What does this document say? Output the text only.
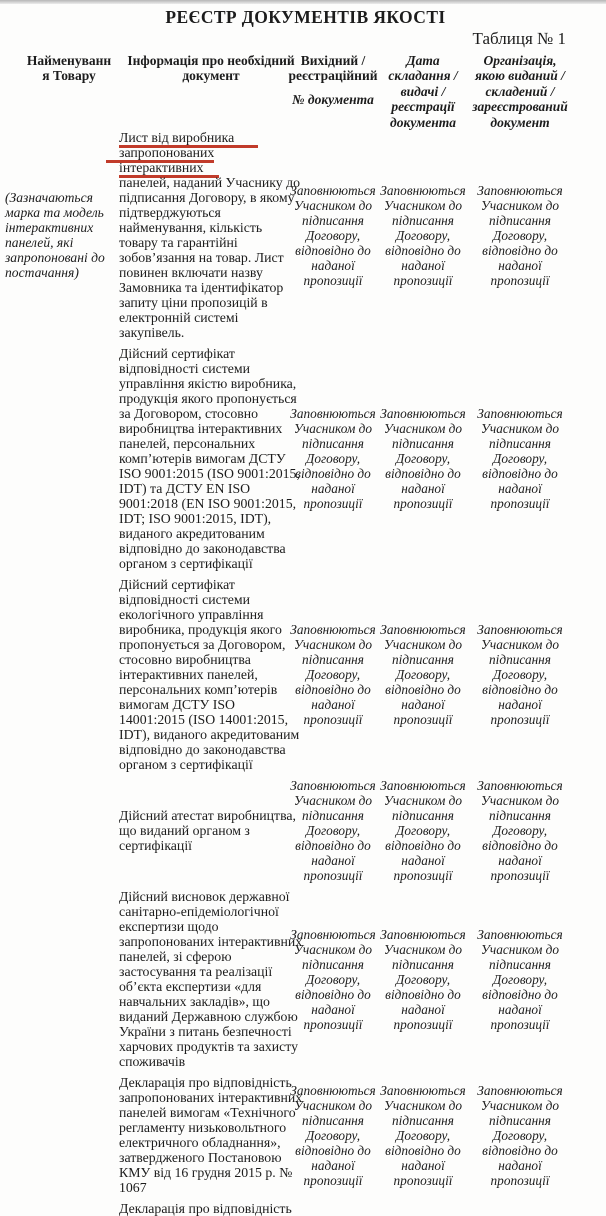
РЕЄСТР ДОКУМЕНТІВ ЯКОСТІ
Таблиця № 1
Найменуванн
я Товару
Інформація про необхідний
документ
Вихідний /
реєстраційний
№ документа
Дата
складання /
видачі /
реєстрації
документа
Організація,
якою виданий /
складений /
зареєстрований
документ
(Зазначаються марка та модель інтерактивних панелей, які запропоновані до постачання)
Лист від виробника
запропонованих інтерактивних
панелей, наданий Учаснику до підписання Договору, в якому підтверджуються найменування, кількість товару та гарантійні зобов’язання на товар. Лист повинен включати назву Замовника та ідентифікатор запиту ціни пропозицій в електронній системі закупівель.
Заповнюються Учасником до підписання Договору, відповідно до наданої пропозиції
Заповнюються Учасником до підписання Договору, відповідно до наданої пропозиції
Заповнюються Учасником до підписання Договору, відповідно до наданої пропозиції
Дійсний сертифікат відповідності системи управління якістю виробника, продукція якого пропонується за Договором, стосовно виробництва інтерактивних панелей, персональних комп’ютерів вимогам ДСТУ ISO 9001:2015 (ISO 9001:2015, IDT) та ДСТУ EN ISO 9001:2018 (EN ISO 9001:2015, IDT; ISO 9001:2015, IDT), виданого акредитованим відповідно до законодавства органом з сертифікації
Заповнюються Учасником до підписання Договору, відповідно до наданої пропозиції
Заповнюються Учасником до підписання Договору, відповідно до наданої пропозиції
Заповнюються Учасником до підписання Договору, відповідно до наданої пропозиції
Дійсний сертифікат відповідності системи екологічного управління виробника, продукція якого пропонується за Договором, стосовно виробництва інтерактивних панелей, персональних комп’ютерів вимогам ДСТУ ISO 14001:2015 (ISO 14001:2015, IDT), виданого акредитованим відповідно до законодавства органом з сертифікації
Заповнюються Учасником до підписання Договору, відповідно до наданої пропозиції
Заповнюються Учасником до підписання Договору, відповідно до наданої пропозиції
Заповнюються Учасником до підписання Договору, відповідно до наданої пропозиції
Дійсний атестат виробництва, що виданий органом з сертифікації
Заповнюються Учасником до підписання Договору, відповідно до наданої пропозиції
Заповнюються Учасником до підписання Договору, відповідно до наданої пропозиції
Заповнюються Учасником до підписання Договору, відповідно до наданої пропозиції
Дійсний висновок державної санітарно-епідеміологічної експертизи щодо запропонованих інтерактивних панелей, зі сферою застосування та реалізації об’єкта експертизи «для навчальних закладів», що виданий Державною службою України з питань безпечності харчових продуктів та захисту споживачів
Заповнюються Учасником до підписання Договору, відповідно до наданої пропозиції
Заповнюються Учасником до підписання Договору, відповідно до наданої пропозиції
Заповнюються Учасником до підписання Договору, відповідно до наданої пропозиції
Декларація про відповідність запропонованих інтерактивних панелей вимогам «Технічного регламенту низьковольтного електричного обладнання», затвердженого Постановою КМУ від 16 грудня 2015 р. № 1067
Заповнюються Учасником до підписання Договору, відповідно до наданої пропозиції
Заповнюються Учасником до підписання Договору, відповідно до наданої пропозиції
Заповнюються Учасником до підписання Договору, відповідно до наданої пропозиції
Декларація про відповідність
